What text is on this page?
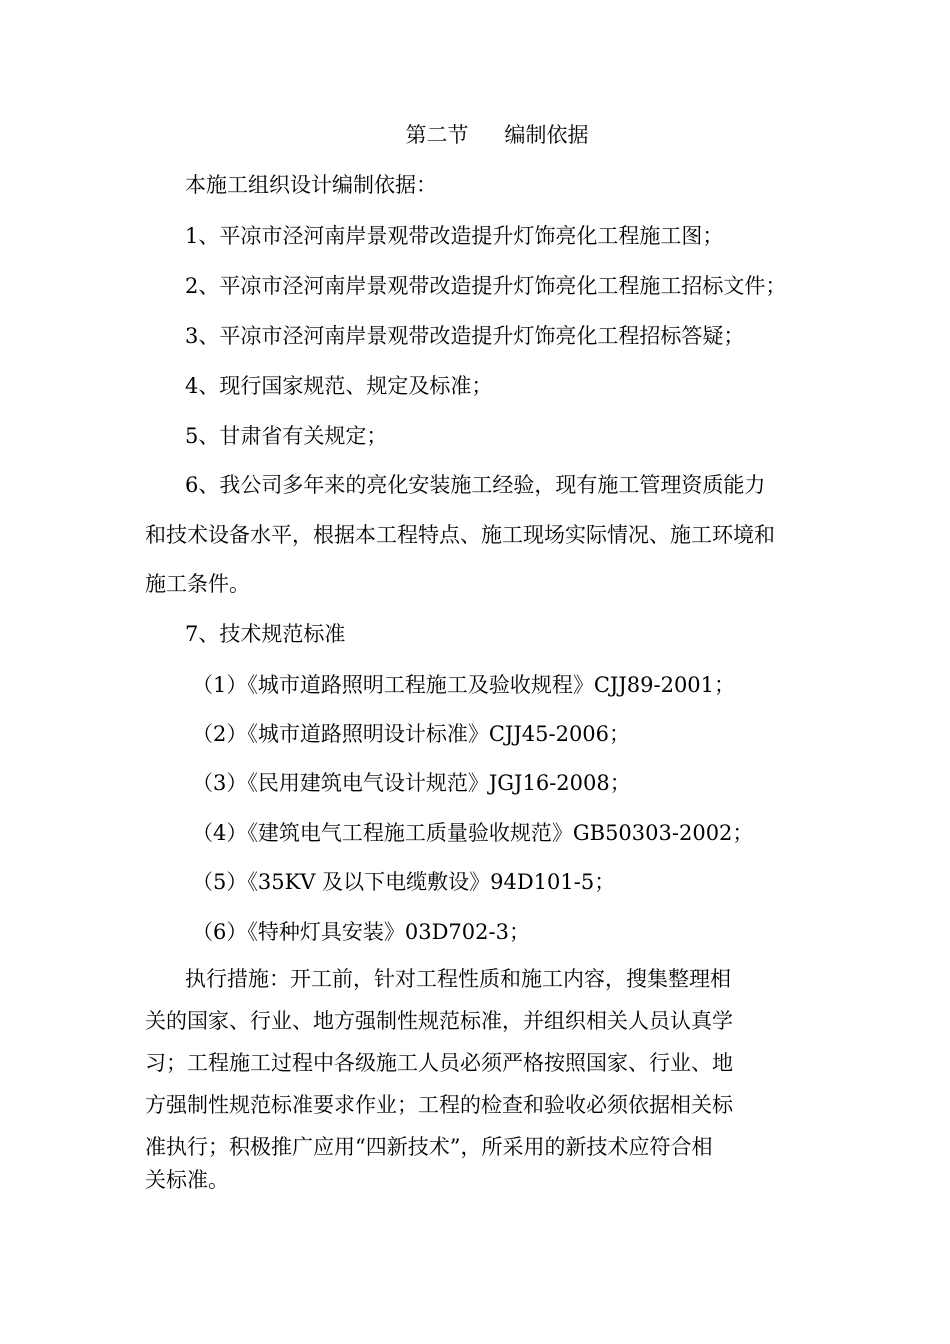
第二节 编制依据

本施工组织设计编制依据：

1、平凉市泾河南岸景观带改造提升灯饰亮化工程施工图；

2、平凉市泾河南岸景观带改造提升灯饰亮化工程施工招标文件；

3、平凉市泾河南岸景观带改造提升灯饰亮化工程招标答疑；

4、现行国家规范、规定及标准；

5、甘肃省有关规定；

6、我公司多年来的亮化安装施工经验，现有施工管理资质能力

和技术设备水平，根据本工程特点、施工现场实际情况、施工环境和

施工条件。

7、技术规范标准

（1）《城市道路照明工程施工及验收规程》CJJ89-2001；

（2）《城市道路照明设计标准》CJJ45-2006；

（3）《民用建筑电气设计规范》JGJ16-2008；

（4）《建筑电气工程施工质量验收规范》GB50303-2002；

（5）《35KV 及以下电缆敷设》94D101-5；

（6）《特种灯具安装》03D702-3；

执行措施：开工前，针对工程性质和施工内容，搜集整理相

关的国家、行业、地方强制性规范标准，并组织相关人员认真学

习；工程施工过程中各级施工人员必须严格按照国家、行业、地

方强制性规范标准要求作业；工程的检查和验收必须依据相关标

准执行；积极推广应用“四新技术”，所采用的新技术应符合相

关标准。
